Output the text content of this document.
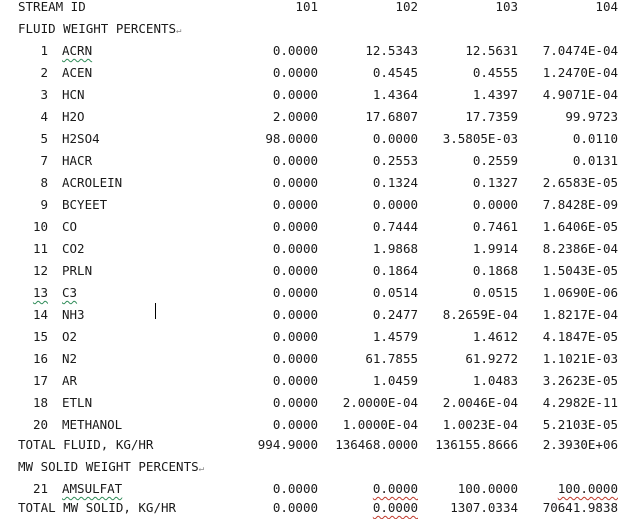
STREAM ID	101	102	103	104
FLUID WEIGHT PERCENTS↵
1 ACRN	0.0000	12.5343	12.5631 7.0474E-04
2 ACEN	0.0000	0.4545	0.4555 1.2470E-04
3 HCN	0.0000	1.4364	1.4397 4.9071E-04
4 H2O	2.0000	17.6807	17.7359	99.9723
5 H2SO4	98.0000	0.0000 3.5805E-03	0.0110
7 HACR	0.0000	0.2553	0.2559	0.0131
8 ACROLEIN	0.0000	0.1324	0.1327 2.6583E-05
9 BCYEET	0.0000	0.0000	0.0000 7.8428E-09
10 CO	0.0000	0.7444	0.7461 1.6406E-05
11 CO2	0.0000	1.9868	1.9914 8.2386E-04
12 PRLN	0.0000	0.1864	0.1868 1.5043E-05
13 C3	0.0000	0.0514	0.0515 1.0690E-06
14 NH3	0.0000	0.2477 8.2659E-04 1.8217E-04
15 O2	0.0000	1.4579	1.4612 4.1847E-05
16 N2	0.0000	61.7855	61.9272 1.1021E-03
17 AR	0.0000	1.0459	1.0483 3.2623E-05
18 ETLN	0.0000 2.0000E-04 2.0046E-04 4.2982E-11
20 METHANOL	0.0000 1.0000E-04 1.0023E-04 5.2103E-05
TOTAL FLUID, KG/HR	994.9000 136468.0000 136155.8666 2.3930E+06
MW SOLID WEIGHT PERCENTS↵
21 AMSULFAT	0.0000	0.0000	100.0000	100.0000
TOTAL MW SOLID, KG/HR	0.0000	0.0000	1307.0334 70641.9838
